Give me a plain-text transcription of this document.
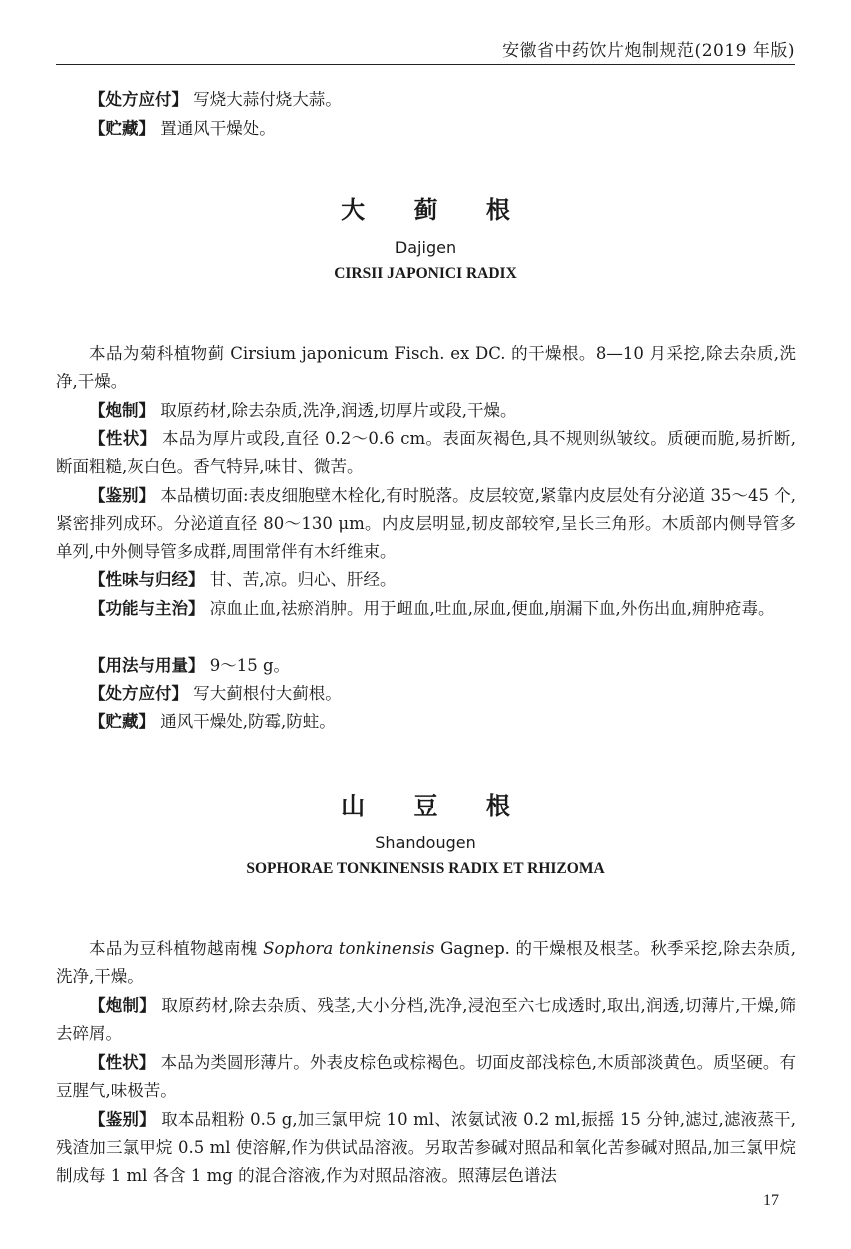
安徽省中药饮片炮制规范(2019 年版)

【处方应付】 写烧大蒜付烧大蒜。

【贮藏】 置通风干燥处。

大 蓟 根
Dajigen
CIRSII JAPONICI RADIX

本品为菊科植物蓟 Cirsium japonicum Fisch. ex DC. 的干燥根。8—10 月采挖,除去杂质,洗净,干燥。

【炮制】 取原药材,除去杂质,洗净,润透,切厚片或段,干燥。

【性状】 本品为厚片或段,直径 0.2～0.6 cm。表面灰褐色,具不规则纵皱纹。质硬而脆,易折断,断面粗糙,灰白色。香气特异,味甘、微苦。

【鉴别】 本品横切面:表皮细胞壁木栓化,有时脱落。皮层较宽,紧靠内皮层处有分泌道 35～45 个,紧密排列成环。分泌道直径 80～130 μm。内皮层明显,韧皮部较窄,呈长三角形。木质部内侧导管多单列,中外侧导管多成群,周围常伴有木纤维束。

【性味与归经】 甘、苦,凉。归心、肝经。

【功能与主治】 凉血止血,祛瘀消肿。用于衄血,吐血,尿血,便血,崩漏下血,外伤出血,痈肿疮毒。

【用法与用量】 9～15 g。

【处方应付】 写大蓟根付大蓟根。

【贮藏】 通风干燥处,防霉,防蛀。

山 豆 根
Shandougen
SOPHORAE TONKINENSIS RADIX ET RHIZOMA

本品为豆科植物越南槐 Sophora tonkinensis Gagnep. 的干燥根及根茎。秋季采挖,除去杂质,洗净,干燥。

【炮制】 取原药材,除去杂质、残茎,大小分档,洗净,浸泡至六七成透时,取出,润透,切薄片,干燥,筛去碎屑。

【性状】 本品为类圆形薄片。外表皮棕色或棕褐色。切面皮部浅棕色,木质部淡黄色。质坚硬。有豆腥气,味极苦。

【鉴别】 取本品粗粉 0.5 g,加三氯甲烷 10 ml、浓氨试液 0.2 ml,振摇 15 分钟,滤过,滤液蒸干,残渣加三氯甲烷 0.5 ml 使溶解,作为供试品溶液。另取苦参碱对照品和氧化苦参碱对照品,加三氯甲烷制成每 1 ml 各含 1 mg 的混合溶液,作为对照品溶液。照薄层色谱法

17
